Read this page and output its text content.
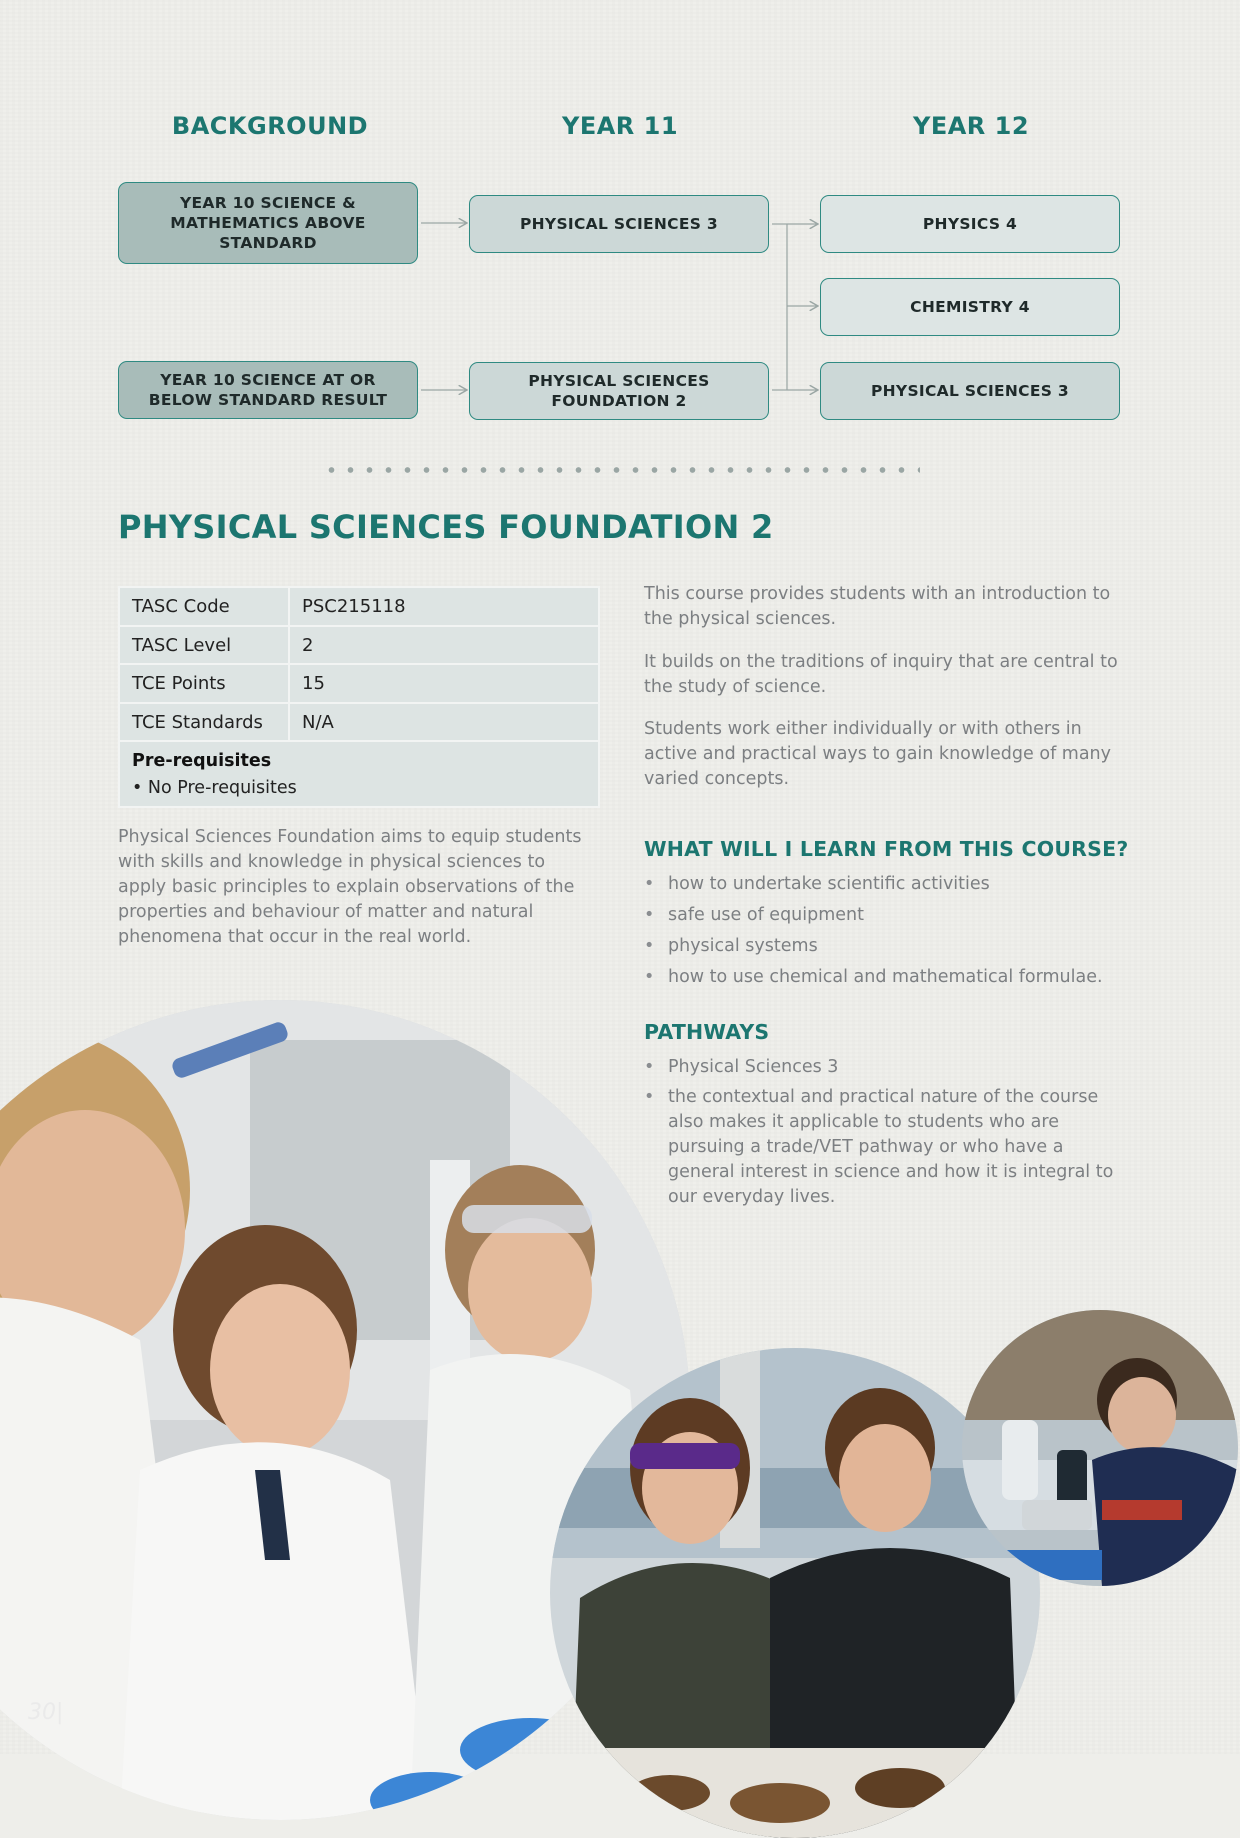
BACKGROUND	YEAR 11	YEAR 12
YEAR 10 SCIENCE & MATHEMATICS ABOVE STANDARD
YEAR 10 SCIENCE AT OR BELOW STANDARD RESULT
PHYSICAL SCIENCES 3
PHYSICAL SCIENCES FOUNDATION 2
PHYSICS 4
CHEMISTRY 4
PHYSICAL SCIENCES 3
PHYSICAL SCIENCES FOUNDATION 2
TASC Code	PSC215118
TASC Level	2
TCE Points	15
TCE Standards	N/A
Pre-requisites
• No Pre-requisites
Physical Sciences Foundation aims to equip students with skills and knowledge in physical sciences to apply basic principles to explain observations of the properties and behaviour of matter and natural phenomena that occur in the real world.
This course provides students with an introduction to the physical sciences.
It builds on the traditions of inquiry that are central to the study of science.
Students work either individually or with others in active and practical ways to gain knowledge of many varied concepts.
WHAT WILL I LEARN FROM THIS COURSE?
• how to undertake scientific activities
• safe use of equipment
• physical systems
• how to use chemical and mathematical formulae.
PATHWAYS
• Physical Sciences 3
• the contextual and practical nature of the course also makes it applicable to students who are pursuing a trade/VET pathway or who have a general interest in science and how it is integral to our everyday lives.
30|
